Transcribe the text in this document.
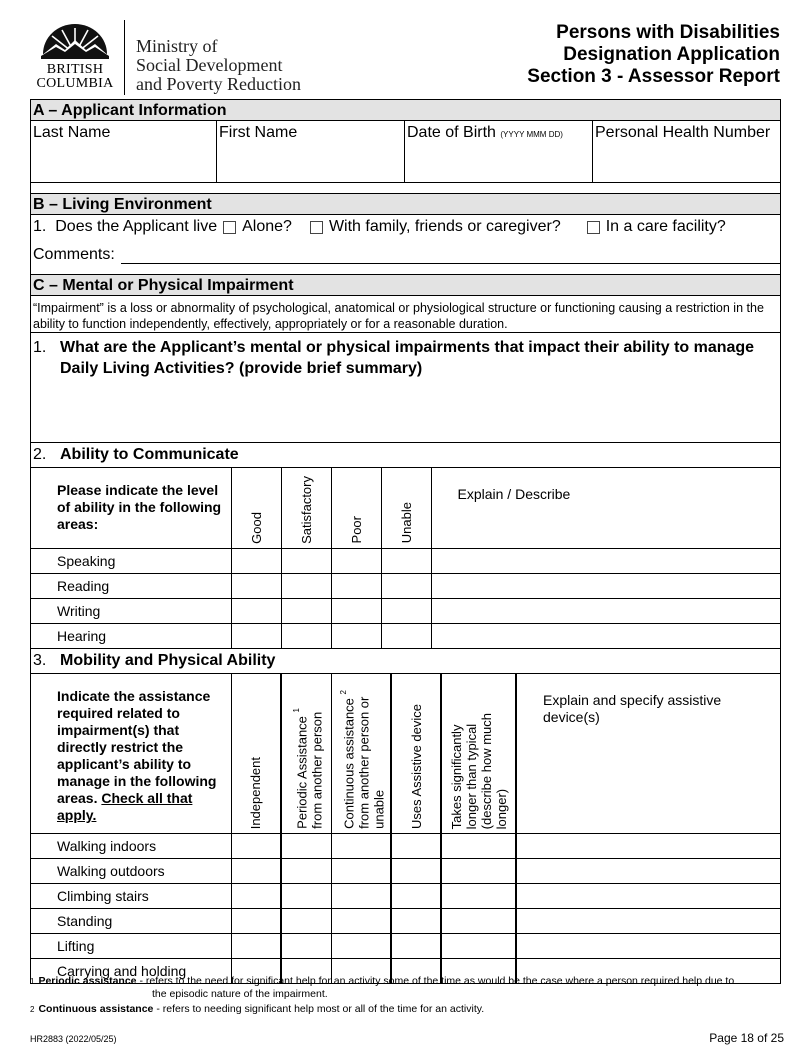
BRITISH
COLUMBIA
Ministry of
Social Development
and Poverty Reduction
Persons with Disabilities
Designation Application
Section 3 - Assessor Report
A – Applicant Information
Last Name	First Name	Date of Birth (YYYY MMM DD)	Personal Health Number
B – Living Environment
1.
Does the Applicant live Alone? With family, friends or caregiver?	In a care facility?
Comments:
C – Mental or Physical Impairment
“Impairment” is a loss or abnormality of psychological, anatomical or physiological structure or functioning causing a restriction in the ability to function independently, effectively, appropriately or for a reasonable duration.
1. What are the Applicant’s mental or physical impairments that impact their ability to manage Daily Living Activities? (provide brief summary)
2. Ability to Communicate
Please indicate the level of ability in the following areas:	Good	Satisfactory	Poor	Unable	Explain / Describe
Speaking					
Reading					
Writing					
Hearing					
3. Mobility and Physical Ability
Indicate the assistance required related to impairment(s) that directly restrict the applicant’s ability to manage in the following areas. Check all that apply.	Independent	Periodic Assistance $^1$
from another person	Continuous assistance $^2$
from another person or
unable	Uses Assistive device	Takes significantly
longer than typical
(describe how much
longer)	Explain and specify assistive device(s)
Walking indoors						
Walking outdoors						
Climbing stairs						
Standing						
Lifting						
Carrying and holding						
1 Periodic assistance - refers to the need for significant help for an activity some of the time as would be the case where a person required help due to
the episodic nature of the impairment.
2 Continuous assistance - refers to needing significant help most or all of the time for an activity.
HR2883 (2022/05/25)	Page 18 of 25
